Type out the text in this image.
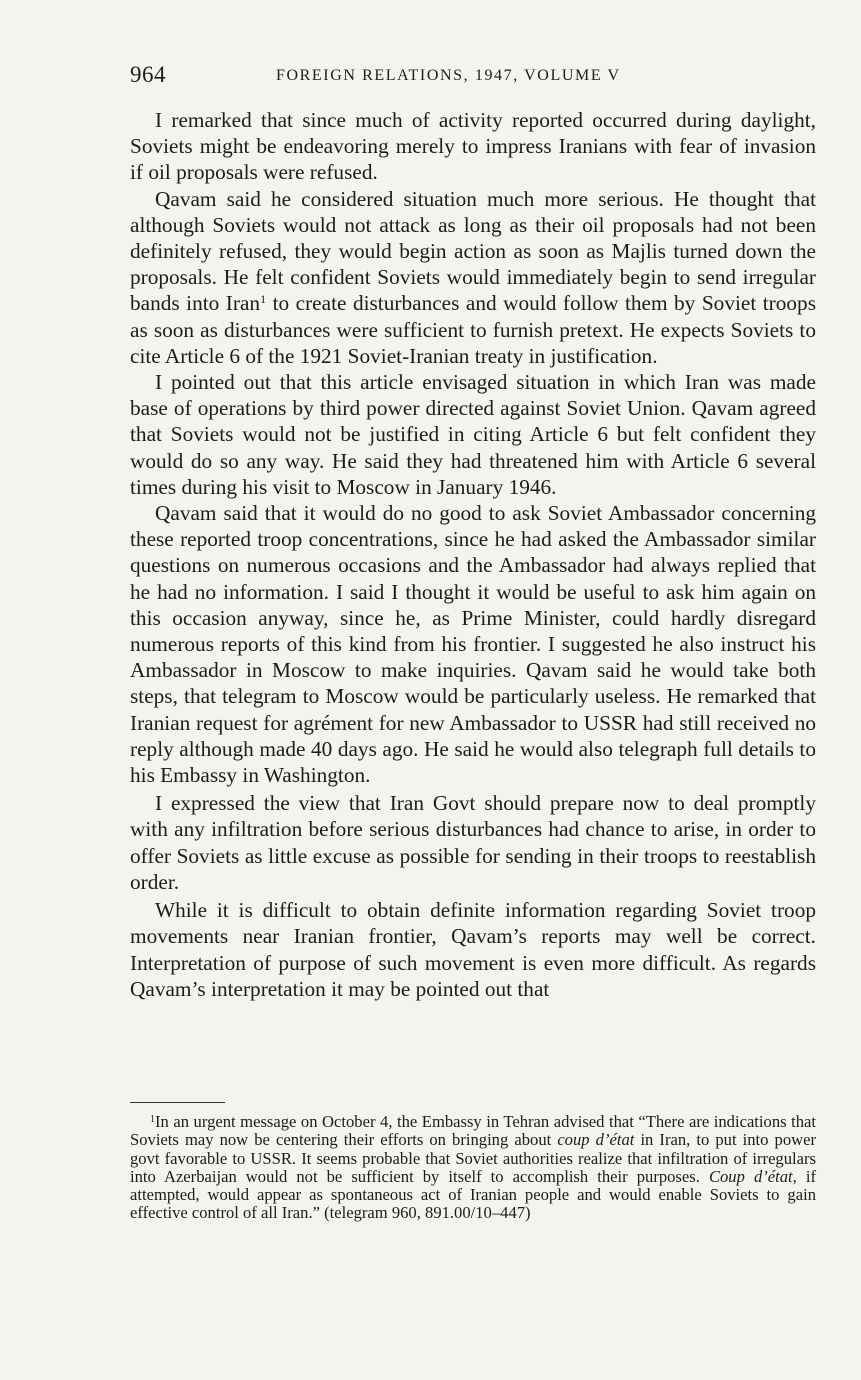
964	FOREIGN RELATIONS, 1947, VOLUME V

I remarked that since much of activity reported occurred during daylight, Soviets might be endeavoring merely to impress Iranians with fear of invasion if oil proposals were refused.

Qavam said he considered situation much more serious. He thought that although Soviets would not attack as long as their oil proposals had not been definitely refused, they would begin action as soon as Majlis turned down the proposals. He felt confident Soviets would immediately begin to send irregular bands into Iran$^1$ to create disturbances and would follow them by Soviet troops as soon as disturbances were sufficient to furnish pretext. He expects Soviets to cite Article 6 of the 1921 Soviet-Iranian treaty in justification.

I pointed out that this article envisaged situation in which Iran was made base of operations by third power directed against Soviet Union. Qavam agreed that Soviets would not be justified in citing Article 6 but felt confident they would do so any way. He said they had threatened him with Article 6 several times during his visit to Moscow in January 1946.

Qavam said that it would do no good to ask Soviet Ambassador concerning these reported troop concentrations, since he had asked the Ambassador similar questions on numerous occasions and the Ambassador had always replied that he had no information. I said I thought it would be useful to ask him again on this occasion anyway, since he, as Prime Minister, could hardly disregard numerous reports of this kind from his frontier. I suggested he also instruct his Ambassador in Moscow to make inquiries. Qavam said he would take both steps, that telegram to Moscow would be particularly useless. He remarked that Iranian request for agrément for new Ambassador to USSR had still received no reply although made 40 days ago. He said he would also telegraph full details to his Embassy in Washington.

I expressed the view that Iran Govt should prepare now to deal promptly with any infiltration before serious disturbances had chance to arise, in order to offer Soviets as little excuse as possible for sending in their troops to reestablish order.

While it is difficult to obtain definite information regarding Soviet troop movements near Iranian frontier, Qavam’s reports may well be correct. Interpretation of purpose of such movement is even more difficult. As regards Qavam’s interpretation it may be pointed out that

$^1$In an urgent message on October 4, the Embassy in Tehran advised that “There are indications that Soviets may now be centering their efforts on bringing about coup d’état in Iran, to put into power govt favorable to USSR. It seems probable that Soviet authorities realize that infiltration of irregulars into Azerbaijan would not be sufficient by itself to accomplish their purposes. Coup d’état, if attempted, would appear as spontaneous act of Iranian people and would enable Soviets to gain effective control of all Iran.” (telegram 960, 891.00/10–447)
